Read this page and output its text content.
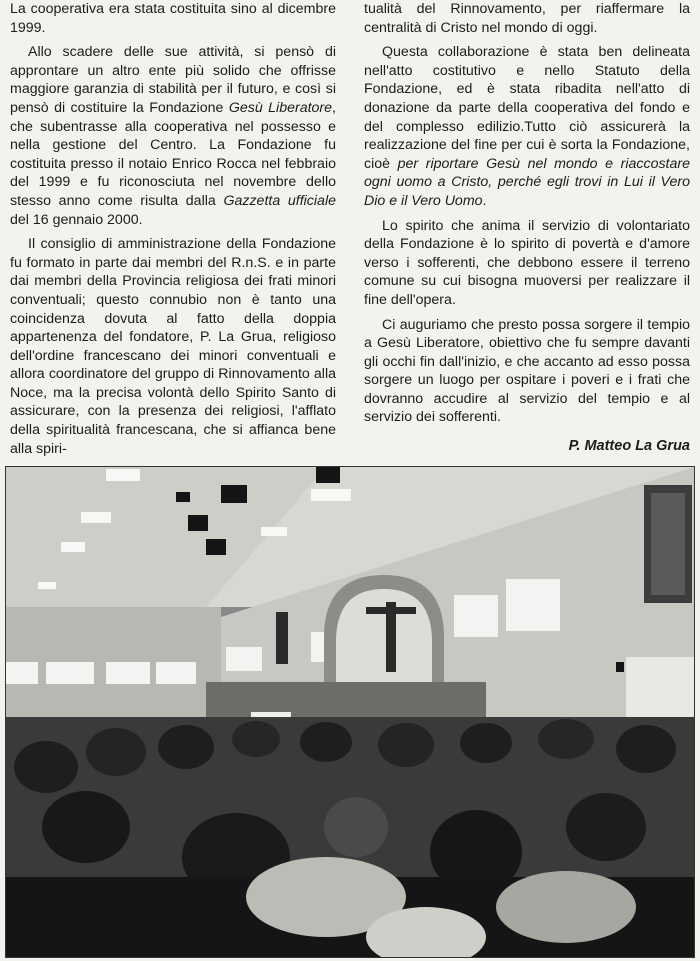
La cooperativa era stata costituita sino al dicembre 1999.

Allo scadere delle sue attività, si pensò di approntare un altro ente più solido che offrisse maggiore garanzia di stabilità per il futuro, e così si pensò di costituire la Fondazione Gesù Liberatore, che subentrasse alla cooperativa nel possesso e nella gestione del Centro. La Fondazione fu costituita presso il notaio Enrico Rocca nel febbraio del 1999 e fu riconosciuta nel novembre dello stesso anno come risulta dalla Gazzetta ufficiale del 16 gennaio 2000.

Il consiglio di amministrazione della Fondazione fu formato in parte dai membri del R.n.S. e in parte dai membri della Provincia religiosa dei frati minori conventuali; questo connubio non è tanto una coincidenza dovuta al fatto della doppia appartenenza del fondatore, P. La Grua, religioso dell'ordine francescano dei minori conventuali e allora coordinatore del gruppo di Rinnovamento alla Noce, ma la precisa volontà dello Spirito Santo di assicurare, con la presenza dei religiosi, l'afflato della spiritualità francescana, che si affianca bene alla spiri-

tualità del Rinnovamento, per riaffermare la centralità di Cristo nel mondo di oggi.

Questa collaborazione è stata ben delineata nell'atto costitutivo e nello Statuto della Fondazione, ed è stata ribadita nell'atto di donazione da parte della cooperativa del fondo e del complesso edilizio.Tutto ciò assicurerà la realizzazione del fine per cui è sorta la Fondazione, cioè per riportare Gesù nel mondo e riaccostare ogni uomo a Cristo, perché egli trovi in Lui il Vero Dio e il Vero Uomo.

Lo spirito che anima il servizio di volontariato della Fondazione è lo spirito di povertà e d'amore verso i sofferenti, che debbono essere il terreno comune su cui bisogna muoversi per realizzare il fine dell'opera.

Ci auguriamo che presto possa sorgere il tempio a Gesù Liberatore, obiettivo che fu sempre davanti gli occhi fin dall'inizio, e che accanto ad esso possa sorgere un luogo per ospitare i poveri e i frati che dovranno accudire al servizio del tempio e al servizio dei sofferenti.

P. Matteo La Grua
